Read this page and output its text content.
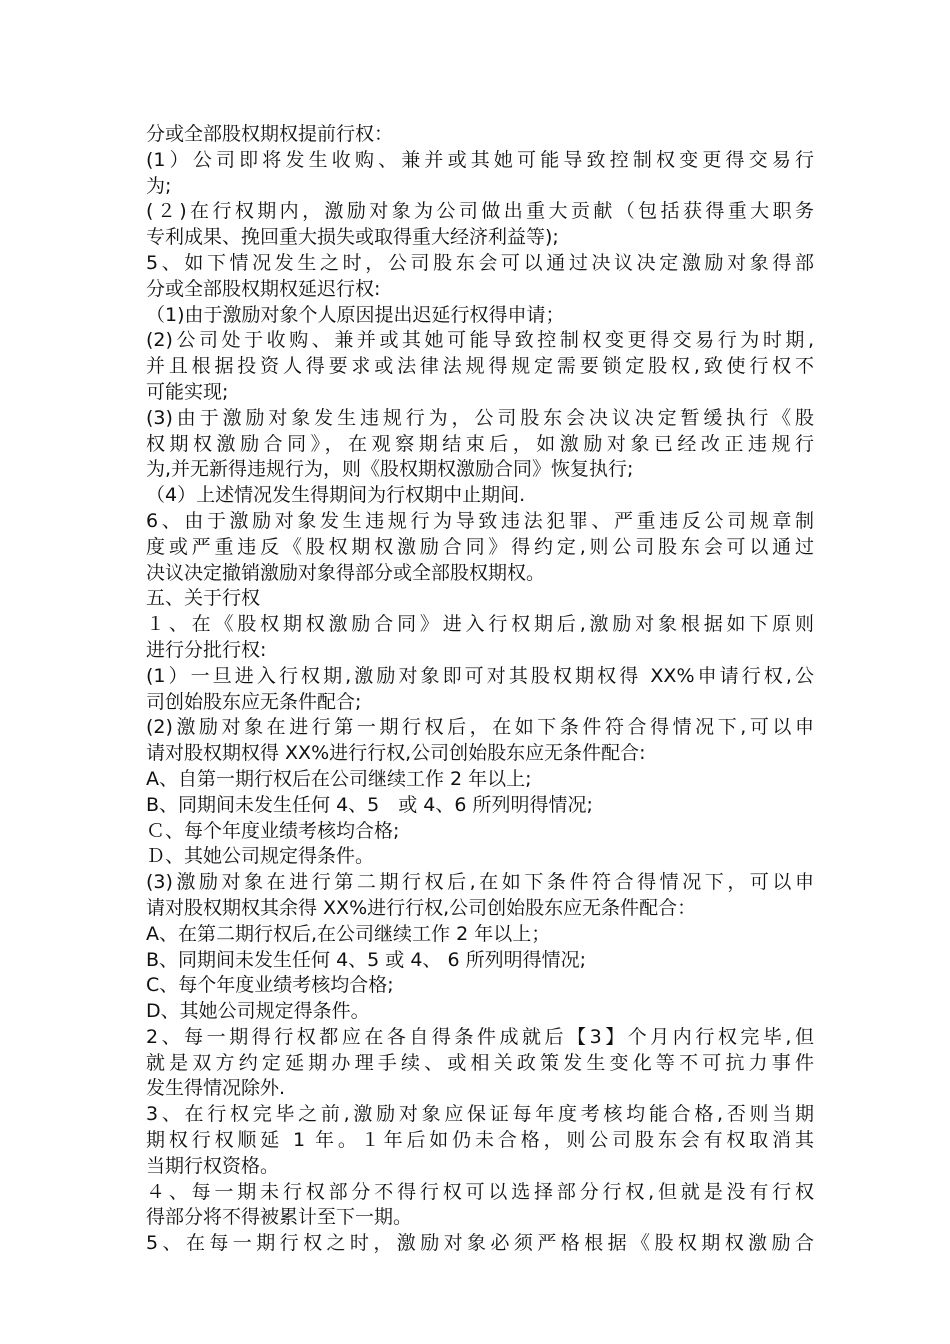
分或全部股权期权提前行权：
(1）公司即将发生收购、兼并或其她可能导致控制权变更得交易行
为;
(２)在行权期内，激励对象为公司做出重大贡献（包括获得重大职务
专利成果、挽回重大损失或取得重大经济利益等);
5、如下情况发生之时，公司股东会可以通过决议决定激励对象得部
分或全部股权期权延迟行权:
（1)由于激励对象个人原因提出迟延行权得申请；
(2)公司处于收购、兼并或其她可能导致控制权变更得交易行为时期,
并且根据投资人得要求或法律法规得规定需要锁定股权,致使行权不
可能实现;
(3)由于激励对象发生违规行为，公司股东会决议决定暂缓执行《股
权期权激励合同》，在观察期结束后，如激励对象已经改正违规行
为,并无新得违规行为，则《股权期权激励合同》恢复执行;
（4）上述情况发生得期间为行权期中止期间.
6、由于激励对象发生违规行为导致违法犯罪、严重违反公司规章制
度或严重违反《股权期权激励合同》得约定,则公司股东会可以通过
决议决定撤销激励对象得部分或全部股权期权。
五、关于行权
１、在《股权期权激励合同》进入行权期后,激励对象根据如下原则
进行分批行权:
(1）一旦进入行权期,激励对象即可对其股权期权得 XX%申请行权,公
司创始股东应无条件配合;
(2)激励对象在进行第一期行权后，在如下条件符合得情况下,可以申
请对股权期权得 XX%进行行权,公司创始股东应无条件配合:
A、自第一期行权后在公司继续工作 2 年以上;
B、同期间未发生任何 4、5　或 4、6 所列明得情况;
Ｃ、每个年度业绩考核均合格;
Ｄ、其她公司规定得条件。
(3)激励对象在进行第二期行权后,在如下条件符合得情况下，可以申
请对股权期权其余得 XX%进行行权,公司创始股东应无条件配合：
A、在第二期行权后,在公司继续工作 2 年以上；
B、同期间未发生任何 4、5 或 4、 6 所列明得情况;
C、每个年度业绩考核均合格;
D、其她公司规定得条件。
2、每一期得行权都应在各自得条件成就后【3】个月内行权完毕,但
就是双方约定延期办理手续、或相关政策发生变化等不可抗力事件
发生得情况除外.
3、在行权完毕之前,激励对象应保证每年度考核均能合格,否则当期
期权行权顺延 1 年。１年后如仍未合格，则公司股东会有权取消其
当期行权资格。
４、每一期未行权部分不得行权可以选择部分行权,但就是没有行权
得部分将不得被累计至下一期。
5、在每一期行权之时，激励对象必须严格根据《股权期权激励合
